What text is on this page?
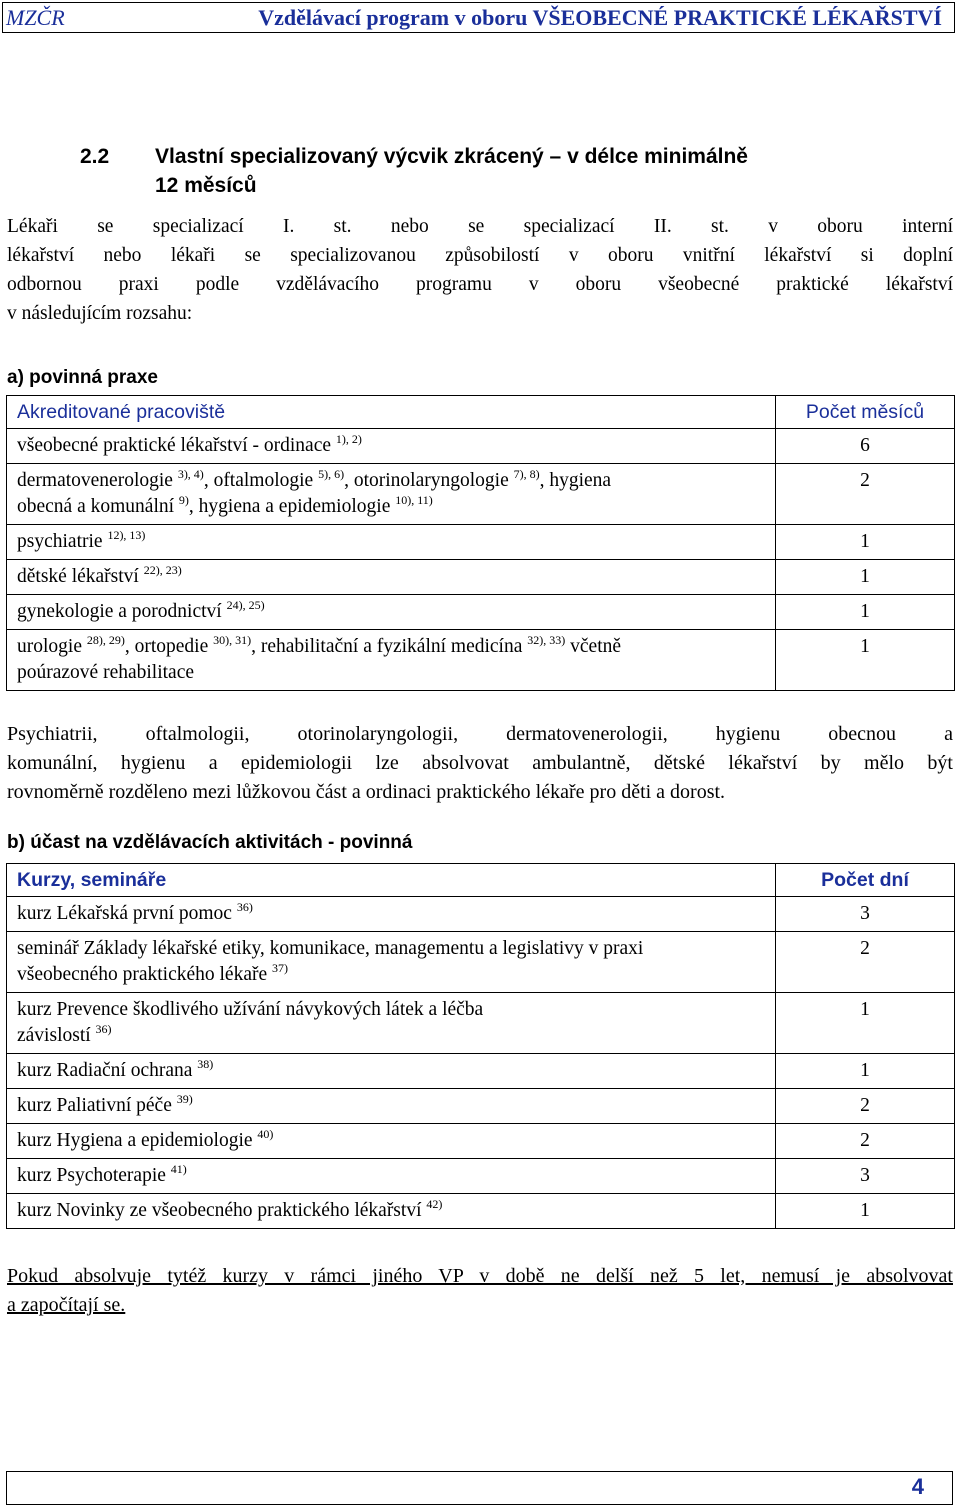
MZČR	Vzdělávací program v oboru VŠEOBECNÉ PRAKTICKÉ LÉKAŘSTVÍ
2.2 Vlastní specializovaný výcvik zkrácený – v délce minimálně
12 měsíců
Lékaři se specializací I. st. nebo se specializací II. st. v oboru interní
lékařství nebo lékaři se specializovanou způsobilostí v oboru vnitřní lékařství si doplní
odbornou praxi podle vzdělávacího programu v oboru všeobecné praktické lékařství
v následujícím rozsahu:
a) povinná praxe
Akreditované pracoviště	Počet měsíců
všeobecné praktické lékařství - ordinace $^{1), 2)}$	6
dermatovenerologie $^{3), 4)}$, oftalmologie $^{5), 6)}$, otorinolaryngologie $^{7), 8)}$, hygiena
obecná a komunální $^{9)}$, hygiena a epidemiologie $^{10), 11)}$	2
psychiatrie $^{12), 13)}$	1
dětské lékařství $^{22), 23)}$	1
gynekologie a porodnictví $^{24), 25)}$	1
urologie $^{28), 29)}$, ortopedie $^{30), 31)}$, rehabilitační a fyzikální medicína $^{32), 33)}$ včetně
poúrazové rehabilitace	1
Psychiatrii, oftalmologii, otorinolaryngologii, dermatovenerologii, hygienu obecnou a
komunální, hygienu a epidemiologii lze absolvovat ambulantně, dětské lékařství by mělo být
rovnoměrně rozděleno mezi lůžkovou část a ordinaci praktického lékaře pro děti a dorost.
b) účast na vzdělávacích aktivitách - povinná
Kurzy, semináře	Počet dní
kurz Lékařská první pomoc $^{36)}$	3
seminář Základy lékařské etiky, komunikace, managementu a legislativy v praxi
všeobecného praktického lékaře $^{37)}$	2
kurz Prevence škodlivého užívání návykových látek a léčba
závislostí $^{36)}$	1
kurz Radiační ochrana $^{38)}$	1
kurz Paliativní péče $^{39)}$	2
kurz Hygiena a epidemiologie $^{40)}$	2
kurz Psychoterapie $^{41)}$	3
kurz Novinky ze všeobecného praktického lékařství $^{42)}$	1
Pokud absolvuje tytéž kurzy v rámci jiného VP v době ne delší než 5 let, nemusí je absolvovat
a započítají se.
4
